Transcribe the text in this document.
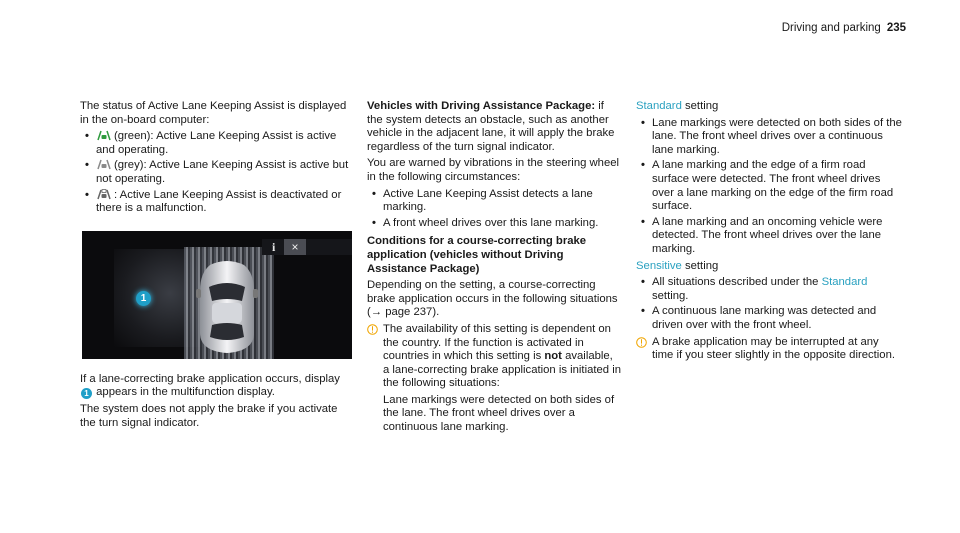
Driving and parking 235

The status of Active Lane Keeping Assist is displayed in the on-board computer:

• (green): Active Lane Keeping Assist is active and operating.
• (grey): Active Lane Keeping Assist is active but not operating.
• : Active Lane Keeping Assist is deactivated or there is a malfunction.
i	×
1

If a lane-correcting brake application occurs, display 1 appears in the multifunction display.

The system does not apply the brake if you activate the turn signal indicator.

Vehicles with Driving Assistance Package: if the system detects an obstacle, such as another vehicle in the adjacent lane, it will apply the brake regardless of the turn signal indicator.

You are warned by vibrations in the steering wheel in the following circumstances:

• Active Lane Keeping Assist detects a lane marking.
• A front wheel drives over this lane marking.

Conditions for a course-correcting brake application (vehicles without Driving Assistance Package)

Depending on the setting, a course-correcting brake application occurs in the following situations (→ page 237).

The availability of this setting is dependent on the country. If the function is activated in countries in which this setting is not available, a lane-correcting brake application is initiated in the following situations:

Lane markings were detected on both sides of the lane. The front wheel drives over a continuous lane marking.

Standard setting

• Lane markings were detected on both sides of the lane. The front wheel drives over a continuous lane marking.
• A lane marking and the edge of a firm road surface were detected. The front wheel drives over a lane marking on the edge of the firm road surface.
• A lane marking and an oncoming vehicle were detected. The front wheel drives over the lane marking.

Sensitive setting

• All situations described under the Standard setting.
• A continuous lane marking was detected and driven over with the front wheel.

A brake application may be interrupted at any time if you steer slightly in the opposite direction.
